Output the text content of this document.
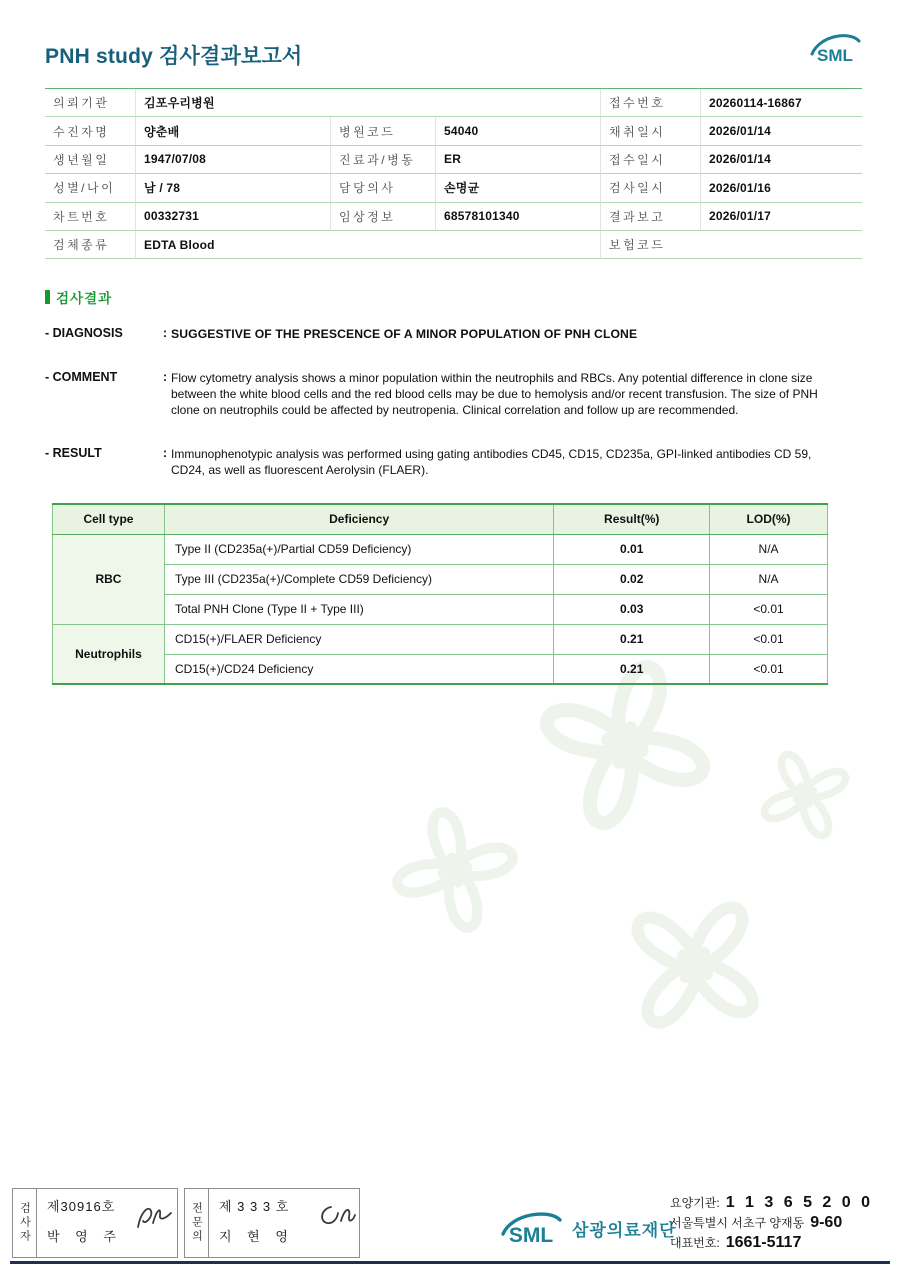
PNH study 검사결과보고서	SML
의뢰기관	김포우리병원	접수번호	20260114-16867
수진자명	양춘배	병원코드	54040	채취일시	2026/01/14
생년월일	1947/07/08	진료과/병동	ER	접수일시	2026/01/14
성별/나이	남 / 78	담당의사	손명균	검사일시	2026/01/16
차트번호	00332731	임상정보	68578101340	결과보고	2026/01/17
검체종류	EDTA Blood	보험코드
검사결과
- DIAGNOSIS	: SUGGESTIVE OF THE PRESCENCE OF A MINOR POPULATION OF PNH CLONE
- COMMENT	: Flow cytometry analysis shows a minor population within the neutrophils and RBCs. Any potential difference in clone size between the white blood cells and the red blood cells may be due to hemolysis and/or recent transfusion. The size of PNH clone on neutrophils could be affected by neutropenia. Clinical correlation and follow up are recommended.
- RESULT	: Immunophenotypic analysis was performed using gating antibodies CD45, CD15, CD235a, GPI-linked antibodies CD 59, CD24, as well as fluorescent Aerolysin (FLAER).
Cell type	Deficiency	Result(%)	LOD(%)
RBC	Type II (CD235a(+)/Partial CD59 Deficiency)	0.01	N/A
	Type III (CD235a(+)/Complete CD59 Deficiency)	0.02	N/A
	Total PNH Clone (Type II + Type III)	0.03	<0.01
Neutrophils	CD15(+)/FLAER Deficiency	0.21	<0.01
	CD15(+)/CD24 Deficiency	0.21	<0.01
검사자	제30916호
박 영 주	전문의	제 3 3 3 호
지 현 영	SML 삼광의료재단
요양기관: 1 1 3 6 5 2 0 0
서울특별시 서초구 양재동 9-60
대표번호: 1661-5117
